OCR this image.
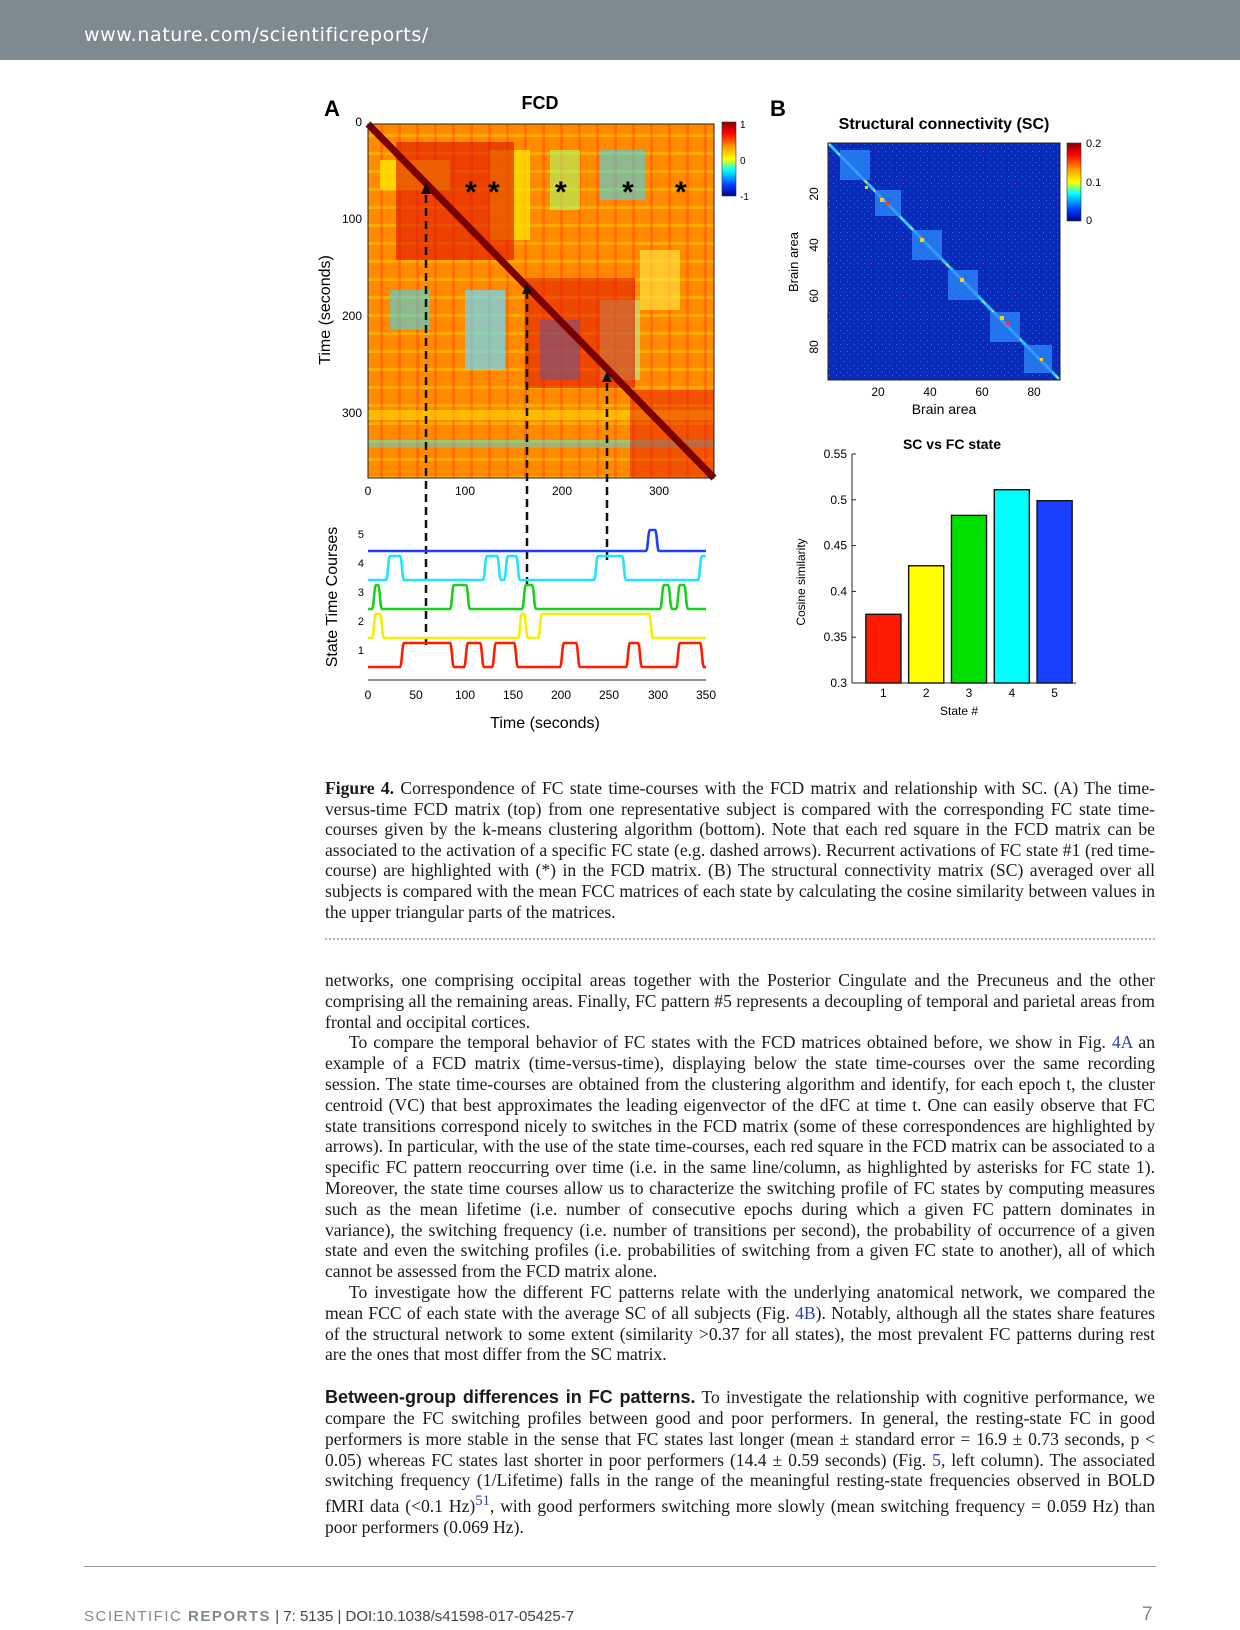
www.nature.com/scientificreports/
A	FCD
Time (seconds)
* * * * *
0
100
200
300
0	100	200	300
1
0
-1
State Time Courses 5
4
3
2
1
0	50	100 150 200 250 300 350
Time (seconds)
B
Structural connectivity (SC)
Brain area
20
40
60
80
20	40	60	80
Brain area
0.2
0.1
0
SC vs FC state
Cosine similarity
State #
0.3
0.35
0.4
0.45
0.5
0.55
1	2	3	4	5
Figure 4. Correspondence of FC state time-courses with the FCD matrix and relationship with SC. (A) The time-versus-time FCD matrix (top) from one representative subject is compared with the corresponding FC state time-courses given by the k-means clustering algorithm (bottom). Note that each red square in the FCD matrix can be associated to the activation of a specific FC state (e.g. dashed arrows). Recurrent activations of FC state #1 (red time-course) are highlighted with (*) in the FCD matrix. (B) The structural connectivity matrix (SC) averaged over all subjects is compared with the mean FCC matrices of each state by calculating the cosine similarity between values in the upper triangular parts of the matrices.

networks, one comprising occipital areas together with the Posterior Cingulate and the Precuneus and the other comprising all the remaining areas. Finally, FC pattern #5 represents a decoupling of temporal and parietal areas from frontal and occipital cortices.

To compare the temporal behavior of FC states with the FCD matrices obtained before, we show in Fig. 4A an example of a FCD matrix (time-versus-time), displaying below the state time-courses over the same recording session. The state time-courses are obtained from the clustering algorithm and identify, for each epoch t, the cluster centroid (VC) that best approximates the leading eigenvector of the dFC at time t. One can easily observe that FC state transitions correspond nicely to switches in the FCD matrix (some of these correspondences are highlighted by arrows). In particular, with the use of the state time-courses, each red square in the FCD matrix can be associated to a specific FC pattern reoccurring over time (i.e. in the same line/column, as highlighted by asterisks for FC state 1). Moreover, the state time courses allow us to characterize the switching profile of FC states by computing measures such as the mean lifetime (i.e. number of consecutive epochs during which a given FC pattern dominates in variance), the switching frequency (i.e. number of transitions per second), the probability of occurrence of a given state and even the switching profiles (i.e. probabilities of switching from a given FC state to another), all of which cannot be assessed from the FCD matrix alone.

To investigate how the different FC patterns relate with the underlying anatomical network, we compared the mean FCC of each state with the average SC of all subjects (Fig. 4B). Notably, although all the states share features of the structural network to some extent (similarity >0.37 for all states), the most prevalent FC patterns during rest are the ones that most differ from the SC matrix.

Between-group differences in FC patterns. To investigate the relationship with cognitive performance, we compare the FC switching profiles between good and poor performers. In general, the resting-state FC in good performers is more stable in the sense that FC states last longer (mean ± standard error = 16.9 ± 0.73 seconds, p < 0.05) whereas FC states last shorter in poor performers (14.4 ± 0.59 seconds) (Fig. 5, left column). The associated switching frequency (1/Lifetime) falls in the range of the meaningful resting-state frequencies observed in BOLD fMRI data (<0.1 Hz)$^{51}$, with good performers switching more slowly (mean switching frequency = 0.059 Hz) than poor performers (0.069 Hz).

SCIENTIFIC REPORTS | 7: 5135 | DOI:10.1038/s41598-017-05425-7	7
